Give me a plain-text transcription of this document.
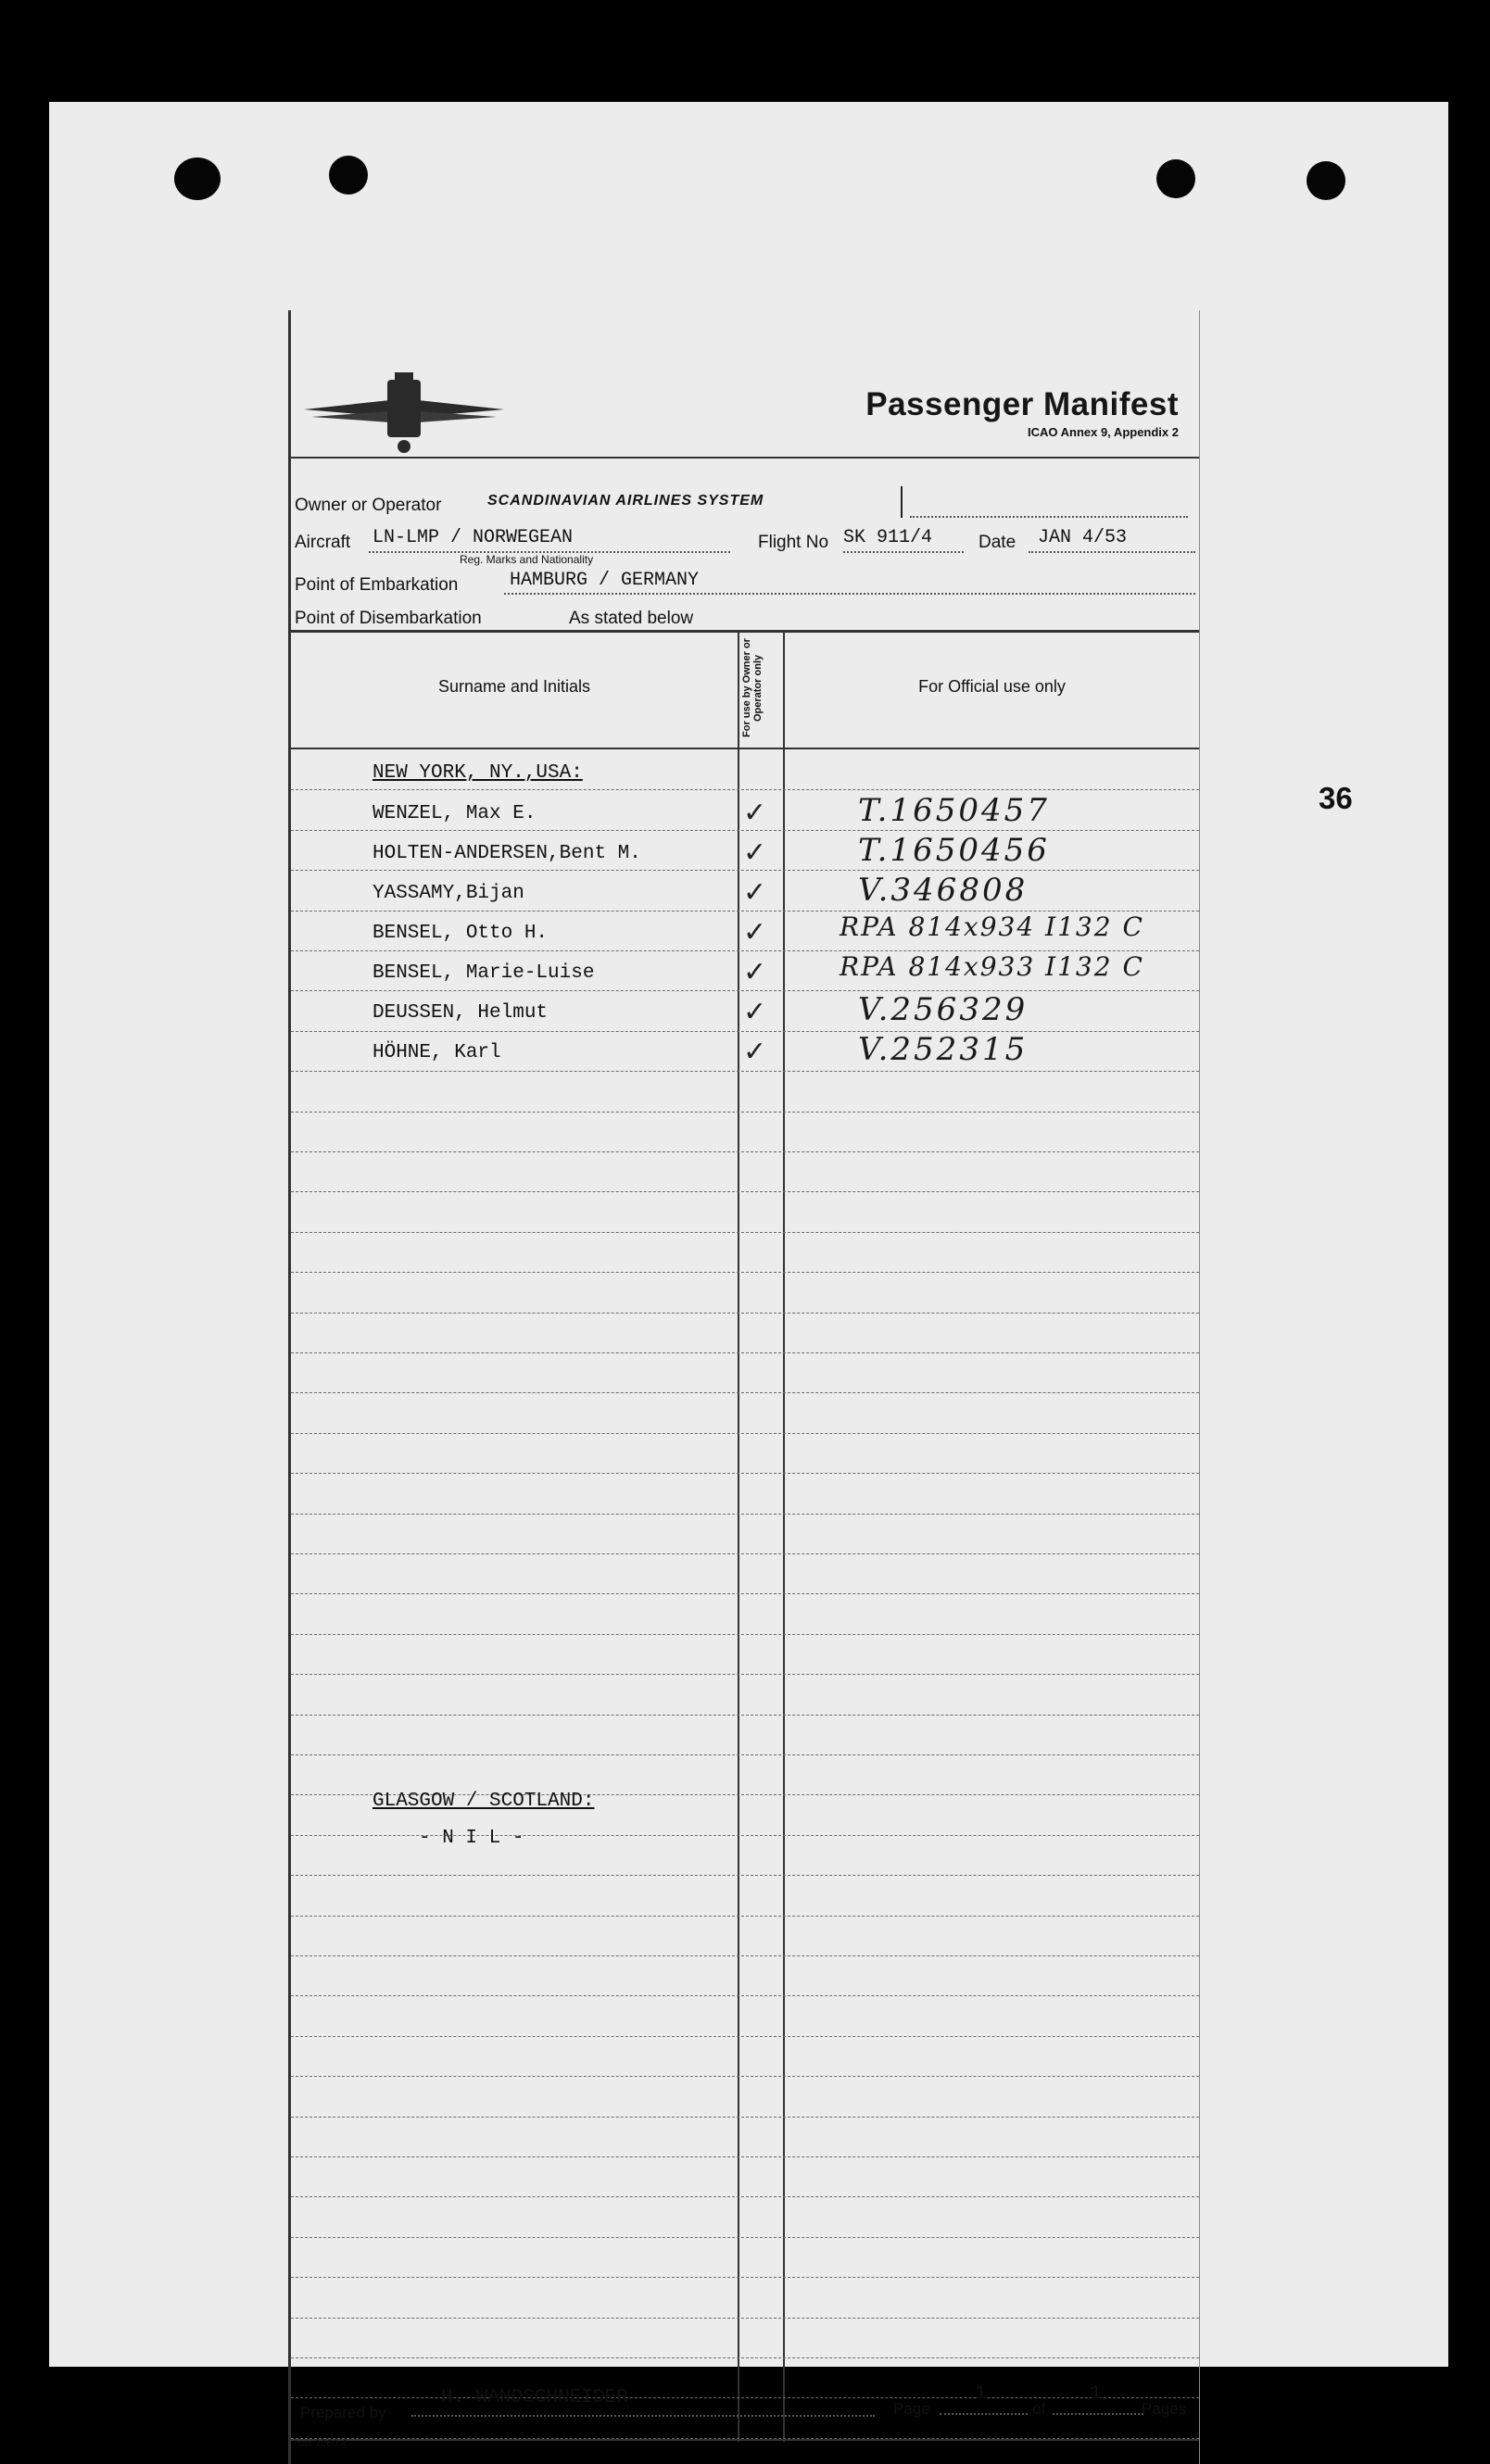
36
Passenger Manifest
ICAO Annex 9, Appendix 2
Owner or Operator	SCANDINAVIAN AIRLINES SYSTEM
Aircraft LN-LMP / NORWEGEAN
Reg. Marks and Nationality
Flight No SK 911/4	Date JAN 4/53
Point of Embarkation	HAMBURG / GERMANY
Point of Disembarkation	As stated below
Surname and Initials	For use by Owner or Operator only	For Official use only
NEW YORK, NY.,USA:
WENZEL, Max E.	✓	T.1650457
HOLTEN-ANDERSEN,Bent M.	✓	T.1650456
YASSAMY,Bijan	✓	V.346808
BENSEL, Otto H.	✓	RPA 814x934 I132 C
BENSEL, Marie-Luise	✓	RPA 814x933 I132 C
DEUSSEN, Helmut	✓	V.256329
HÖHNE, Karl	✓	V.252315
GLASGOW / SCOTLAND:
- N I L -
Prepared by
H. WANDSCHNEIDER
Page
1
of
1
Pages
sas 1060:4
